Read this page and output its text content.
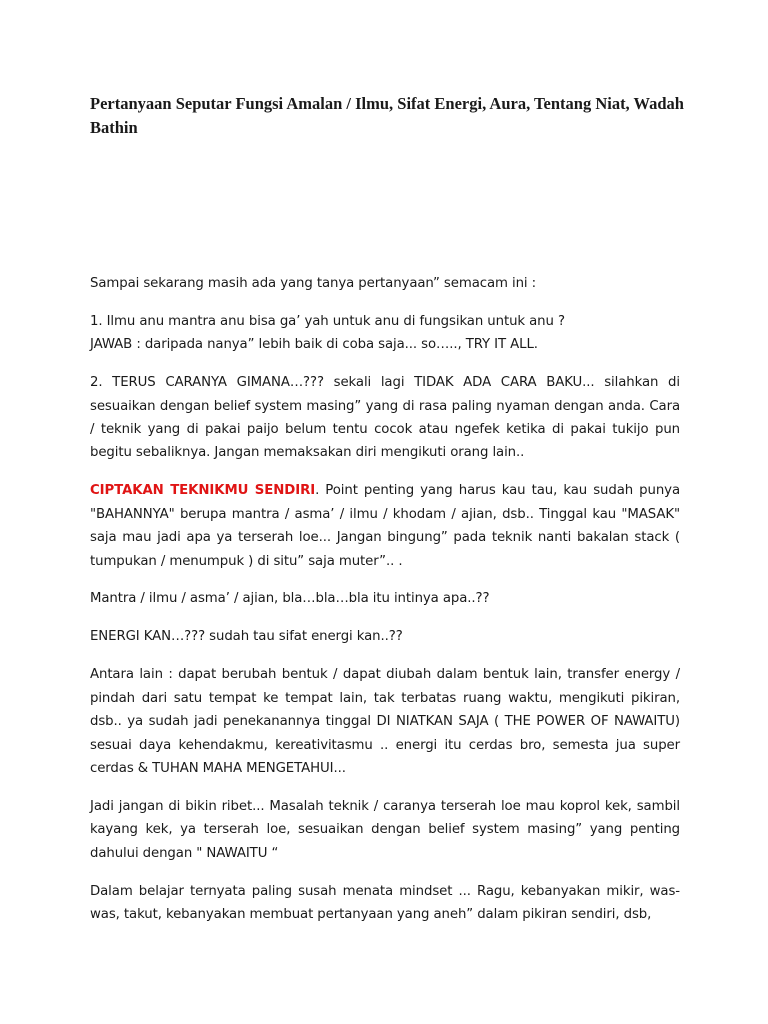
Pertanyaan Seputar Fungsi Amalan / Ilmu, Sifat Energi, Aura, Tentang Niat, Wadah Bathin

Sampai sekarang masih ada yang tanya pertanyaan” semacam ini :

1. Ilmu anu mantra anu bisa ga’ yah untuk anu di fungsikan untuk anu ?
JAWAB : daripada nanya” lebih baik di coba saja... so….., TRY IT ALL.

2. TERUS CARANYA GIMANA…??? sekali lagi TIDAK ADA CARA BAKU... silahkan di sesuaikan dengan belief system masing” yang di rasa paling nyaman dengan anda. Cara / teknik yang di pakai paijo belum tentu cocok atau ngefek ketika di pakai tukijo pun begitu sebaliknya. Jangan memaksakan diri mengikuti orang lain..

CIPTAKAN TEKNIKMU SENDIRI. Point penting yang harus kau tau, kau sudah punya "BAHANNYA" berupa mantra / asma’ / ilmu / khodam / ajian, dsb.. Tinggal kau "MASAK" saja mau jadi apa ya terserah loe... Jangan bingung” pada teknik nanti bakalan stack ( tumpukan / menumpuk ) di situ” saja muter”.. .

Mantra / ilmu / asma’ / ajian, bla…bla…bla itu intinya apa..??

ENERGI KAN…??? sudah tau sifat energi kan..??

Antara lain : dapat berubah bentuk / dapat diubah dalam bentuk lain, transfer energy / pindah dari satu tempat ke tempat lain, tak terbatas ruang waktu, mengikuti pikiran, dsb.. ya sudah jadi penekanannya tinggal DI NIATKAN SAJA ( THE POWER OF NAWAITU) sesuai daya kehendakmu, kereativitasmu .. energi itu cerdas bro, semesta jua super cerdas & TUHAN MAHA MENGETAHUI...

Jadi jangan di bikin ribet... Masalah teknik / caranya terserah loe mau koprol kek, sambil kayang kek, ya terserah loe, sesuaikan dengan belief system masing” yang penting dahului dengan " NAWAITU “

Dalam belajar ternyata paling susah menata mindset ... Ragu, kebanyakan mikir, was-was, takut, kebanyakan membuat pertanyaan yang aneh” dalam pikiran sendiri, dsb,
